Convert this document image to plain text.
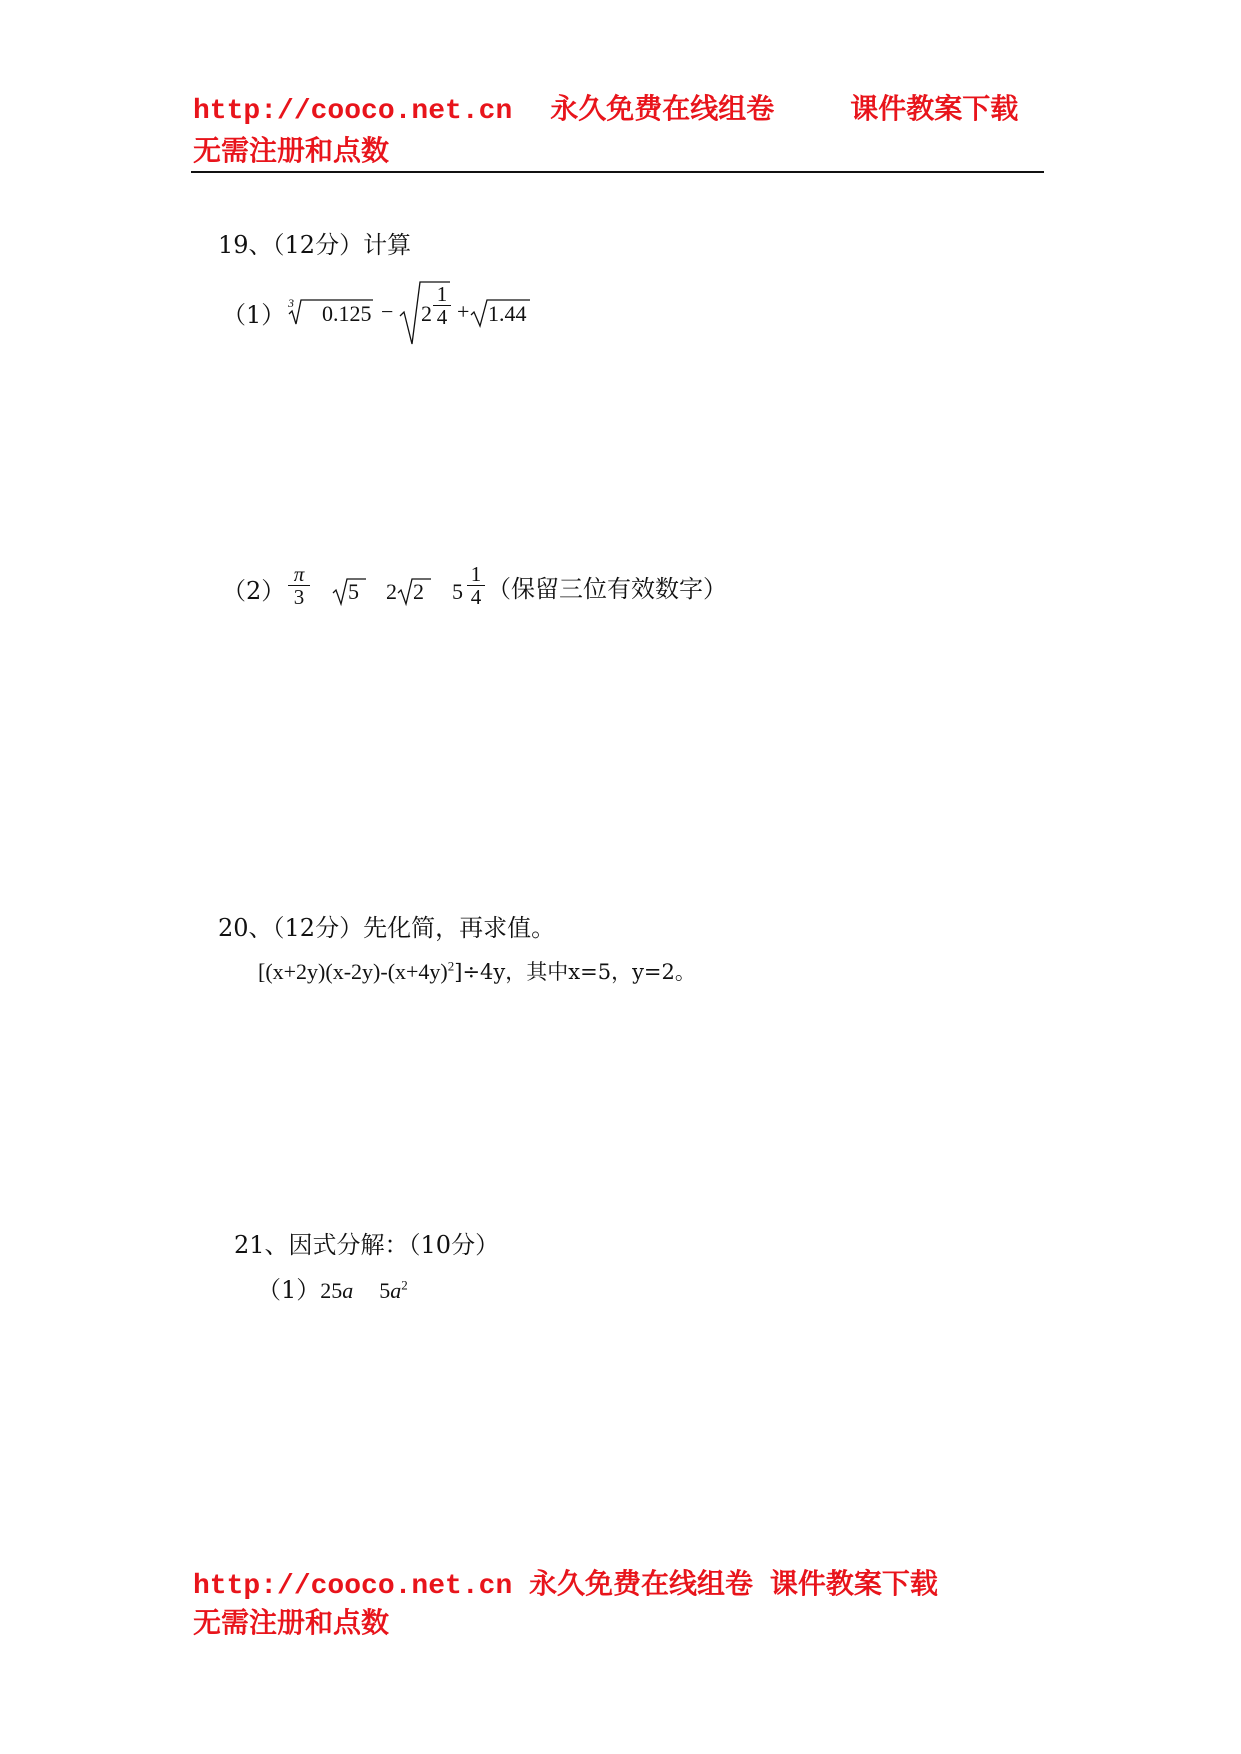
http://cooco.net.cn 永久免费在线组卷	课件教案下载
无需注册和点数
19、（12分）计算
（1） 3 0.125 − 2
1
4 + 1.44
（2）
π
3 5 2 2 5
1
4 （保留三位有效数字）
20、（12分）先化简，再求值。
$[(x+2y)(x-2y)-(x+4y)^2]\div 4y$，其中x=5，y=2。
21、因式分解：（10分）
（1）25a $5a^2$
http://cooco.net.cn 永久免费在线组卷 课件教案下载
无需注册和点数
